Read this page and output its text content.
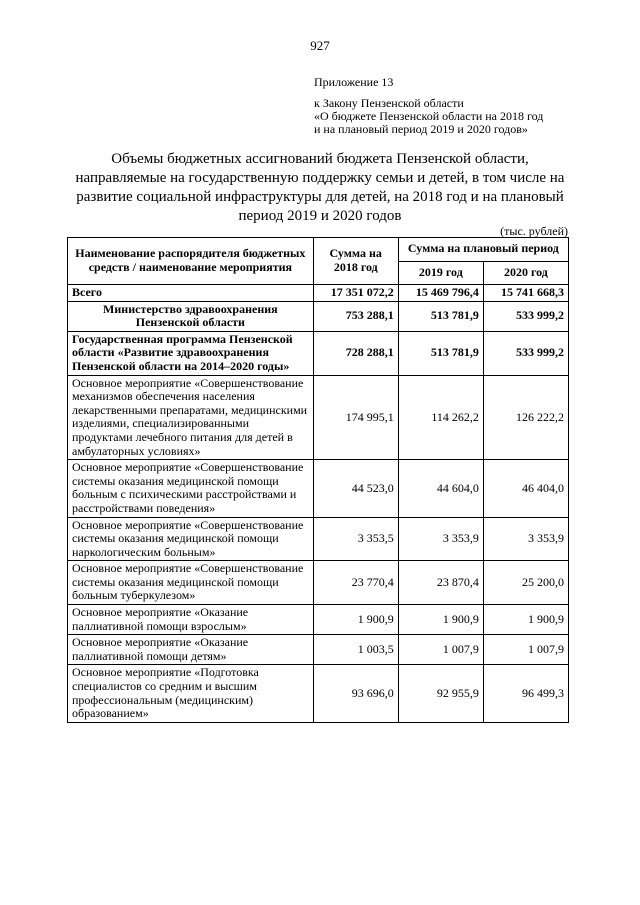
927
Приложение 13
к Закону Пензенской области
«О бюджете Пензенской области на 2018 год
и на плановый период 2019 и 2020 годов»
Объемы бюджетных ассигнований бюджета Пензенской области, направляемые на государственную поддержку семьи и детей, в том числе на развитие социальной инфраструктуры для детей, на 2018 год и на плановый период 2019 и 2020 годов
(тыс. рублей)
Наименование распорядителя бюджетных средств / наименование мероприятия	Сумма на 2018 год	Сумма на плановый период	
		2019 год	2020 год
Всего	17 351 072,2	15 469 796,4	15 741 668,3
Министерство здравоохранения Пензенской области	753 288,1	513 781,9	533 999,2
Государственная программа Пензенской области «Развитие здравоохранения Пензенской области на 2014–2020 годы»	728 288,1	513 781,9	533 999,2
Основное мероприятие «Совершенствование механизмов обеспечения населения лекарственными препаратами, медицинскими изделиями, специализированными продуктами лечебного питания для детей в амбулаторных условиях»	174 995,1	114 262,2	126 222,2
Основное мероприятие «Совершенствование системы оказания медицинской помощи больным с психическими расстройствами и расстройствами поведения»	44 523,0	44 604,0	46 404,0
Основное мероприятие «Совершенствование системы оказания медицинской помощи наркологическим больным»	3 353,5	3 353,9	3 353,9
Основное мероприятие «Совершенствование системы оказания медицинской помощи больным туберкулезом»	23 770,4	23 870,4	25 200,0
Основное мероприятие «Оказание паллиативной помощи взрослым»	1 900,9	1 900,9	1 900,9
Основное мероприятие «Оказание паллиативной помощи детям»	1 003,5	1 007,9	1 007,9
Основное мероприятие «Подготовка специалистов со средним и высшим профессиональным (медицинским) образованием»	93 696,0	92 955,9	96 499,3
